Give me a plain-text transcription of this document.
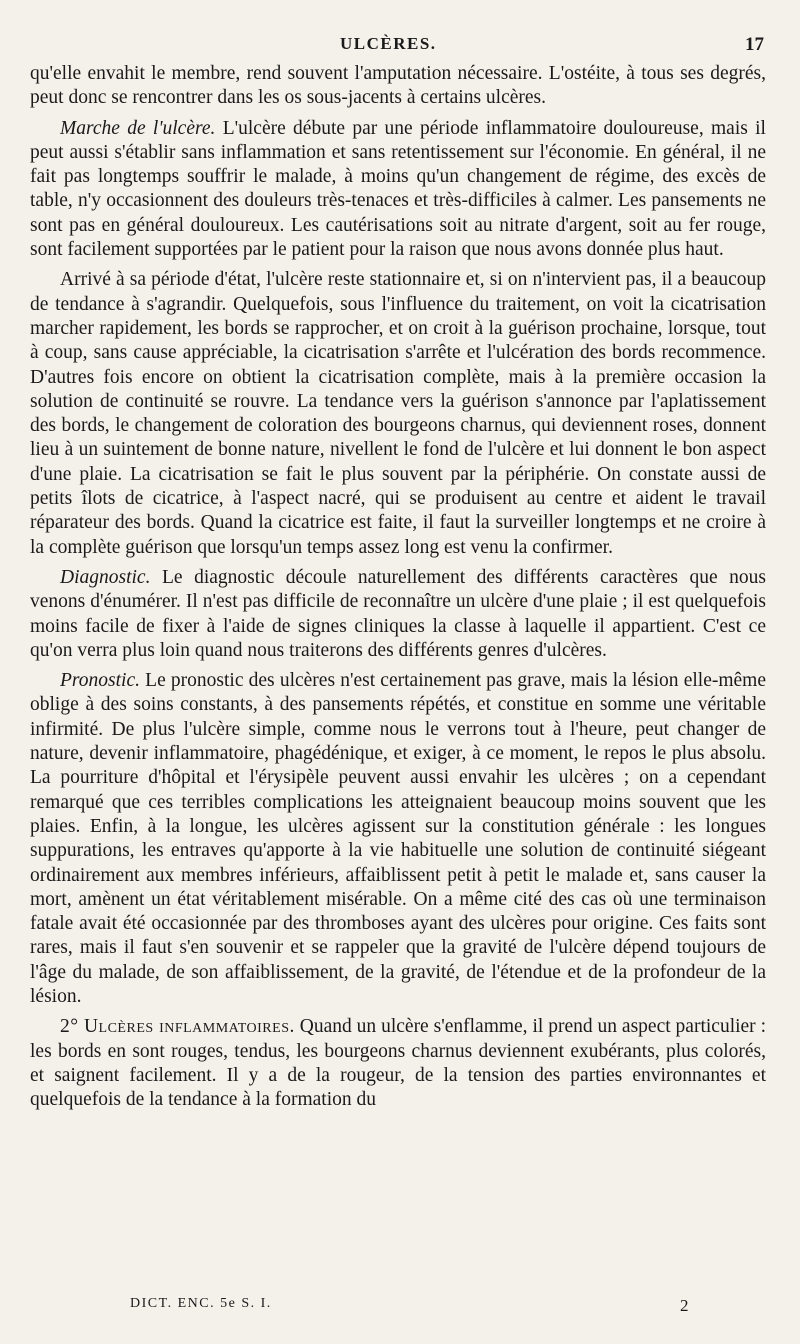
ULCÈRES.	17

qu'elle envahit le membre, rend souvent l'amputation nécessaire. L'ostéite, à tous ses degrés, peut donc se rencontrer dans les os sous-jacents à certains ulcères.

Marche de l'ulcère. L'ulcère débute par une période inflammatoire douloureuse, mais il peut aussi s'établir sans inflammation et sans retentissement sur l'économie. En général, il ne fait pas longtemps souffrir le malade, à moins qu'un changement de régime, des excès de table, n'y occasionnent des douleurs très-tenaces et très-difficiles à calmer. Les pansements ne sont pas en général douloureux. Les cautérisations soit au nitrate d'argent, soit au fer rouge, sont facilement supportées par le patient pour la raison que nous avons donnée plus haut.

Arrivé à sa période d'état, l'ulcère reste stationnaire et, si on n'intervient pas, il a beaucoup de tendance à s'agrandir. Quelquefois, sous l'influence du traitement, on voit la cicatrisation marcher rapidement, les bords se rapprocher, et on croit à la guérison prochaine, lorsque, tout à coup, sans cause appréciable, la cicatrisation s'arrête et l'ulcération des bords recommence. D'autres fois encore on obtient la cicatrisation complète, mais à la première occasion la solution de continuité se rouvre. La tendance vers la guérison s'annonce par l'aplatissement des bords, le changement de coloration des bourgeons charnus, qui deviennent roses, donnent lieu à un suintement de bonne nature, nivellent le fond de l'ulcère et lui donnent le bon aspect d'une plaie. La cicatrisation se fait le plus souvent par la périphérie. On constate aussi de petits îlots de cicatrice, à l'aspect nacré, qui se produisent au centre et aident le travail réparateur des bords. Quand la cicatrice est faite, il faut la surveiller longtemps et ne croire à la complète guérison que lorsqu'un temps assez long est venu la confirmer.

Diagnostic. Le diagnostic découle naturellement des différents caractères que nous venons d'énumérer. Il n'est pas difficile de reconnaître un ulcère d'une plaie ; il est quelquefois moins facile de fixer à l'aide de signes cliniques la classe à laquelle il appartient. C'est ce qu'on verra plus loin quand nous traiterons des différents genres d'ulcères.

Pronostic. Le pronostic des ulcères n'est certainement pas grave, mais la lésion elle-même oblige à des soins constants, à des pansements répétés, et constitue en somme une véritable infirmité. De plus l'ulcère simple, comme nous le verrons tout à l'heure, peut changer de nature, devenir inflammatoire, phagédénique, et exiger, à ce moment, le repos le plus absolu. La pourriture d'hôpital et l'érysipèle peuvent aussi envahir les ulcères ; on a cependant remarqué que ces terribles complications les atteignaient beaucoup moins souvent que les plaies. Enfin, à la longue, les ulcères agissent sur la constitution générale : les longues suppurations, les entraves qu'apporte à la vie habituelle une solution de continuité siégeant ordinairement aux membres inférieurs, affaiblissent petit à petit le malade et, sans causer la mort, amènent un état véritablement misérable. On a même cité des cas où une terminaison fatale avait été occasionnée par des thromboses ayant des ulcères pour origine. Ces faits sont rares, mais il faut s'en souvenir et se rappeler que la gravité de l'ulcère dépend toujours de l'âge du malade, de son affaiblissement, de la gravité, de l'étendue et de la profondeur de la lésion.

2° Ulcères inflammatoires. Quand un ulcère s'enflamme, il prend un aspect particulier : les bords en sont rouges, tendus, les bourgeons charnus deviennent exubérants, plus colorés, et saignent facilement. Il y a de la rougeur, de la tension des parties environnantes et quelquefois de la tendance à la formation du

DICT. ENC. 5e S. I.	2
